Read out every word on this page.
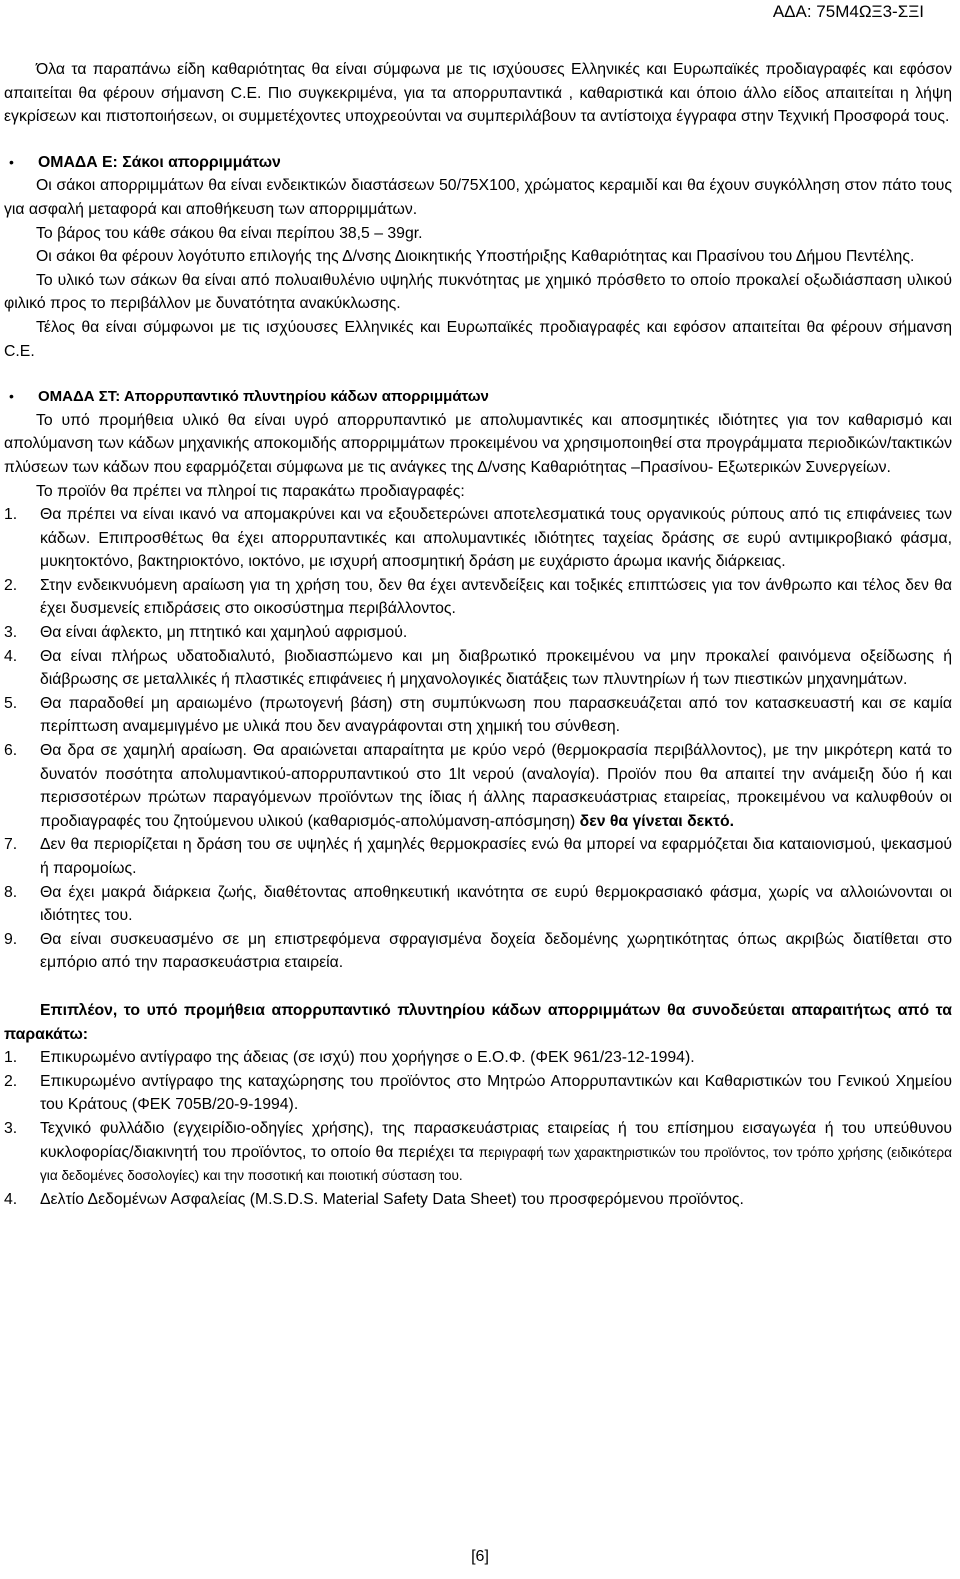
ΑΔΑ: 75Μ4ΩΞ3-ΣΞΙ

Όλα τα παραπάνω είδη καθαριότητας θα είναι σύμφωνα με τις ισχύουσες Ελληνικές και Ευρωπαϊκές προδιαγραφές και εφόσον απαιτείται θα φέρουν σήμανση C.E. Πιο συγκεκριμένα, για τα απορρυπαντικά , καθαριστικά και όποιο άλλο είδος απαιτείται η λήψη εγκρίσεων και πιστοποιήσεων, οι συμμετέχοντες υποχρεούνται να συμπεριλάβουν τα αντίστοιχα έγγραφα στην Τεχνική Προσφορά τους.

• ΟΜΑΔΑ Ε: Σάκοι απορριμμάτων

Οι σάκοι απορριμμάτων θα είναι ενδεικτικών διαστάσεων 50/75Χ100, χρώματος κεραμιδί και θα έχουν συγκόλληση στον πάτο τους για ασφαλή μεταφορά και αποθήκευση των απορριμμάτων.

Το βάρος του κάθε σάκου θα είναι περίπου 38,5 – 39gr.

Οι σάκοι θα φέρουν λογότυπο επιλογής της Δ/νσης Διοικητικής Υποστήριξης Καθαριότητας και Πρασίνου του Δήμου Πεντέλης.

Το υλικό των σάκων θα είναι από πολυαιθυλένιο υψηλής πυκνότητας με χημικό πρόσθετο το οποίο προκαλεί οξωδιάσπαση υλικού φιλικό προς το περιβάλλον με δυνατότητα ανακύκλωσης.

Τέλος θα είναι σύμφωνοι με τις ισχύουσες Ελληνικές και Ευρωπαϊκές προδιαγραφές και εφόσον απαιτείται θα φέρουν σήμανση C.E.

• ΟΜΑΔΑ ΣΤ: Απορρυπαντικό πλυντηρίου κάδων απορριμμάτων

Το υπό προμήθεια υλικό θα είναι υγρό απορρυπαντικό με απολυμαντικές και αποσμητικές ιδιότητες για τον καθαρισμό και απολύμανση των κάδων μηχανικής αποκομιδής απορριμμάτων προκειμένου να χρησιμοποιηθεί στα προγράμματα περιοδικών/τακτικών πλύσεων των κάδων που εφαρμόζεται σύμφωνα με τις ανάγκες της Δ/νσης Καθαριότητας –Πρασίνου- Εξωτερικών Συνεργείων.

Το προϊόν θα πρέπει να πληροί τις παρακάτω προδιαγραφές:

1.	Θα πρέπει να είναι ικανό να απομακρύνει και να εξουδετερώνει αποτελεσματικά τους οργανικούς ρύπους από τις επιφάνειες των κάδων. Επιπροσθέτως θα έχει απορρυπαντικές και απολυμαντικές ιδιότητες ταχείας δράσης σε ευρύ αντιμικροβιακό φάσμα, μυκητοκτόνο, βακτηριοκτόνο, ιοκτόνο, με ισχυρή αποσμητική δράση με ευχάριστο άρωμα ικανής διάρκειας.
2.	Στην ενδεικνυόμενη αραίωση για τη χρήση του, δεν θα έχει αντενδείξεις και τοξικές επιπτώσεις για τον άνθρωπο και τέλος δεν θα έχει δυσμενείς επιδράσεις στο οικοσύστημα περιβάλλοντος.
3.	Θα είναι άφλεκτο, μη πτητικό και χαμηλού αφρισμού.
4.	Θα είναι πλήρως υδατοδιαλυτό, βιοδιασπώμενο και μη διαβρωτικό προκειμένου να μην προκαλεί φαινόμενα οξείδωσης ή διάβρωσης σε μεταλλικές ή πλαστικές επιφάνειες ή μηχανολογικές διατάξεις των πλυντηρίων ή των πιεστικών μηχανημάτων.
5.	Θα παραδοθεί μη αραιωμένο (πρωτογενή βάση) στη συμπύκνωση που παρασκευάζεται από τον κατασκευαστή και σε καμία περίπτωση αναμεμιγμένο με υλικά που δεν αναγράφονται στη χημική του σύνθεση.
6.	Θα δρα σε χαμηλή αραίωση. Θα αραιώνεται απαραίτητα με κρύο νερό (θερμοκρασία περιβάλλοντος), με την μικρότερη κατά το δυνατόν ποσότητα απολυμαντικού-απορρυπαντικού στο 1lt νερού (αναλογία). Προϊόν που θα απαιτεί την ανάμειξη δύο ή και περισσοτέρων πρώτων παραγόμενων προϊόντων της ίδιας ή άλλης παρασκευάστριας εταιρείας, προκειμένου να καλυφθούν οι προδιαγραφές του ζητούμενου υλικού (καθαρισμός-απολύμανση-απόσμηση) δεν θα γίνεται δεκτό.
7.	Δεν θα περιορίζεται η δράση του σε υψηλές ή χαμηλές θερμοκρασίες ενώ θα μπορεί να εφαρμόζεται δια καταιονισμού, ψεκασμού ή παρομοίως.
8.	Θα έχει μακρά διάρκεια ζωής, διαθέτοντας αποθηκευτική ικανότητα σε ευρύ θερμοκρασιακό φάσμα, χωρίς να αλλοιώνονται οι ιδιότητες του.
9.	Θα είναι συσκευασμένο σε μη επιστρεφόμενα σφραγισμένα δοχεία δεδομένης χωρητικότητας όπως ακριβώς διατίθεται στο εμπόριο από την παρασκευάστρια εταιρεία.

Επιπλέον, το υπό προμήθεια απορρυπαντικό πλυντηρίου κάδων απορριμμάτων θα συνοδεύεται απαραιτήτως από τα παρακάτω:

1.	Επικυρωμένο αντίγραφο της άδειας (σε ισχύ) που χορήγησε ο Ε.Ο.Φ. (ΦΕΚ 961/23-12-1994).
2.	Επικυρωμένο αντίγραφο της καταχώρησης του προϊόντος στο Μητρώο Απορρυπαντικών και Καθαριστικών του Γενικού Χημείου του Κράτους (ΦΕΚ 705Β/20-9-1994).
3.	Τεχνικό φυλλάδιο (εγχειρίδιο-οδηγίες χρήσης), της παρασκευάστριας εταιρείας ή του επίσημου εισαγωγέα ή του υπεύθυνου κυκλοφορίας/διακινητή του προϊόντος, το οποίο θα περιέχει τα περιγραφή των χαρακτηριστικών του προϊόντος, τον τρόπο χρήσης (ειδικότερα για δεδομένες δοσολογίες) και την ποσοτική και ποιοτική σύσταση του.
4.	Δελτίο Δεδομένων Ασφαλείας (M.S.D.S. Material Safety Data Sheet) του προσφερόμενου προϊόντος.
[6]
